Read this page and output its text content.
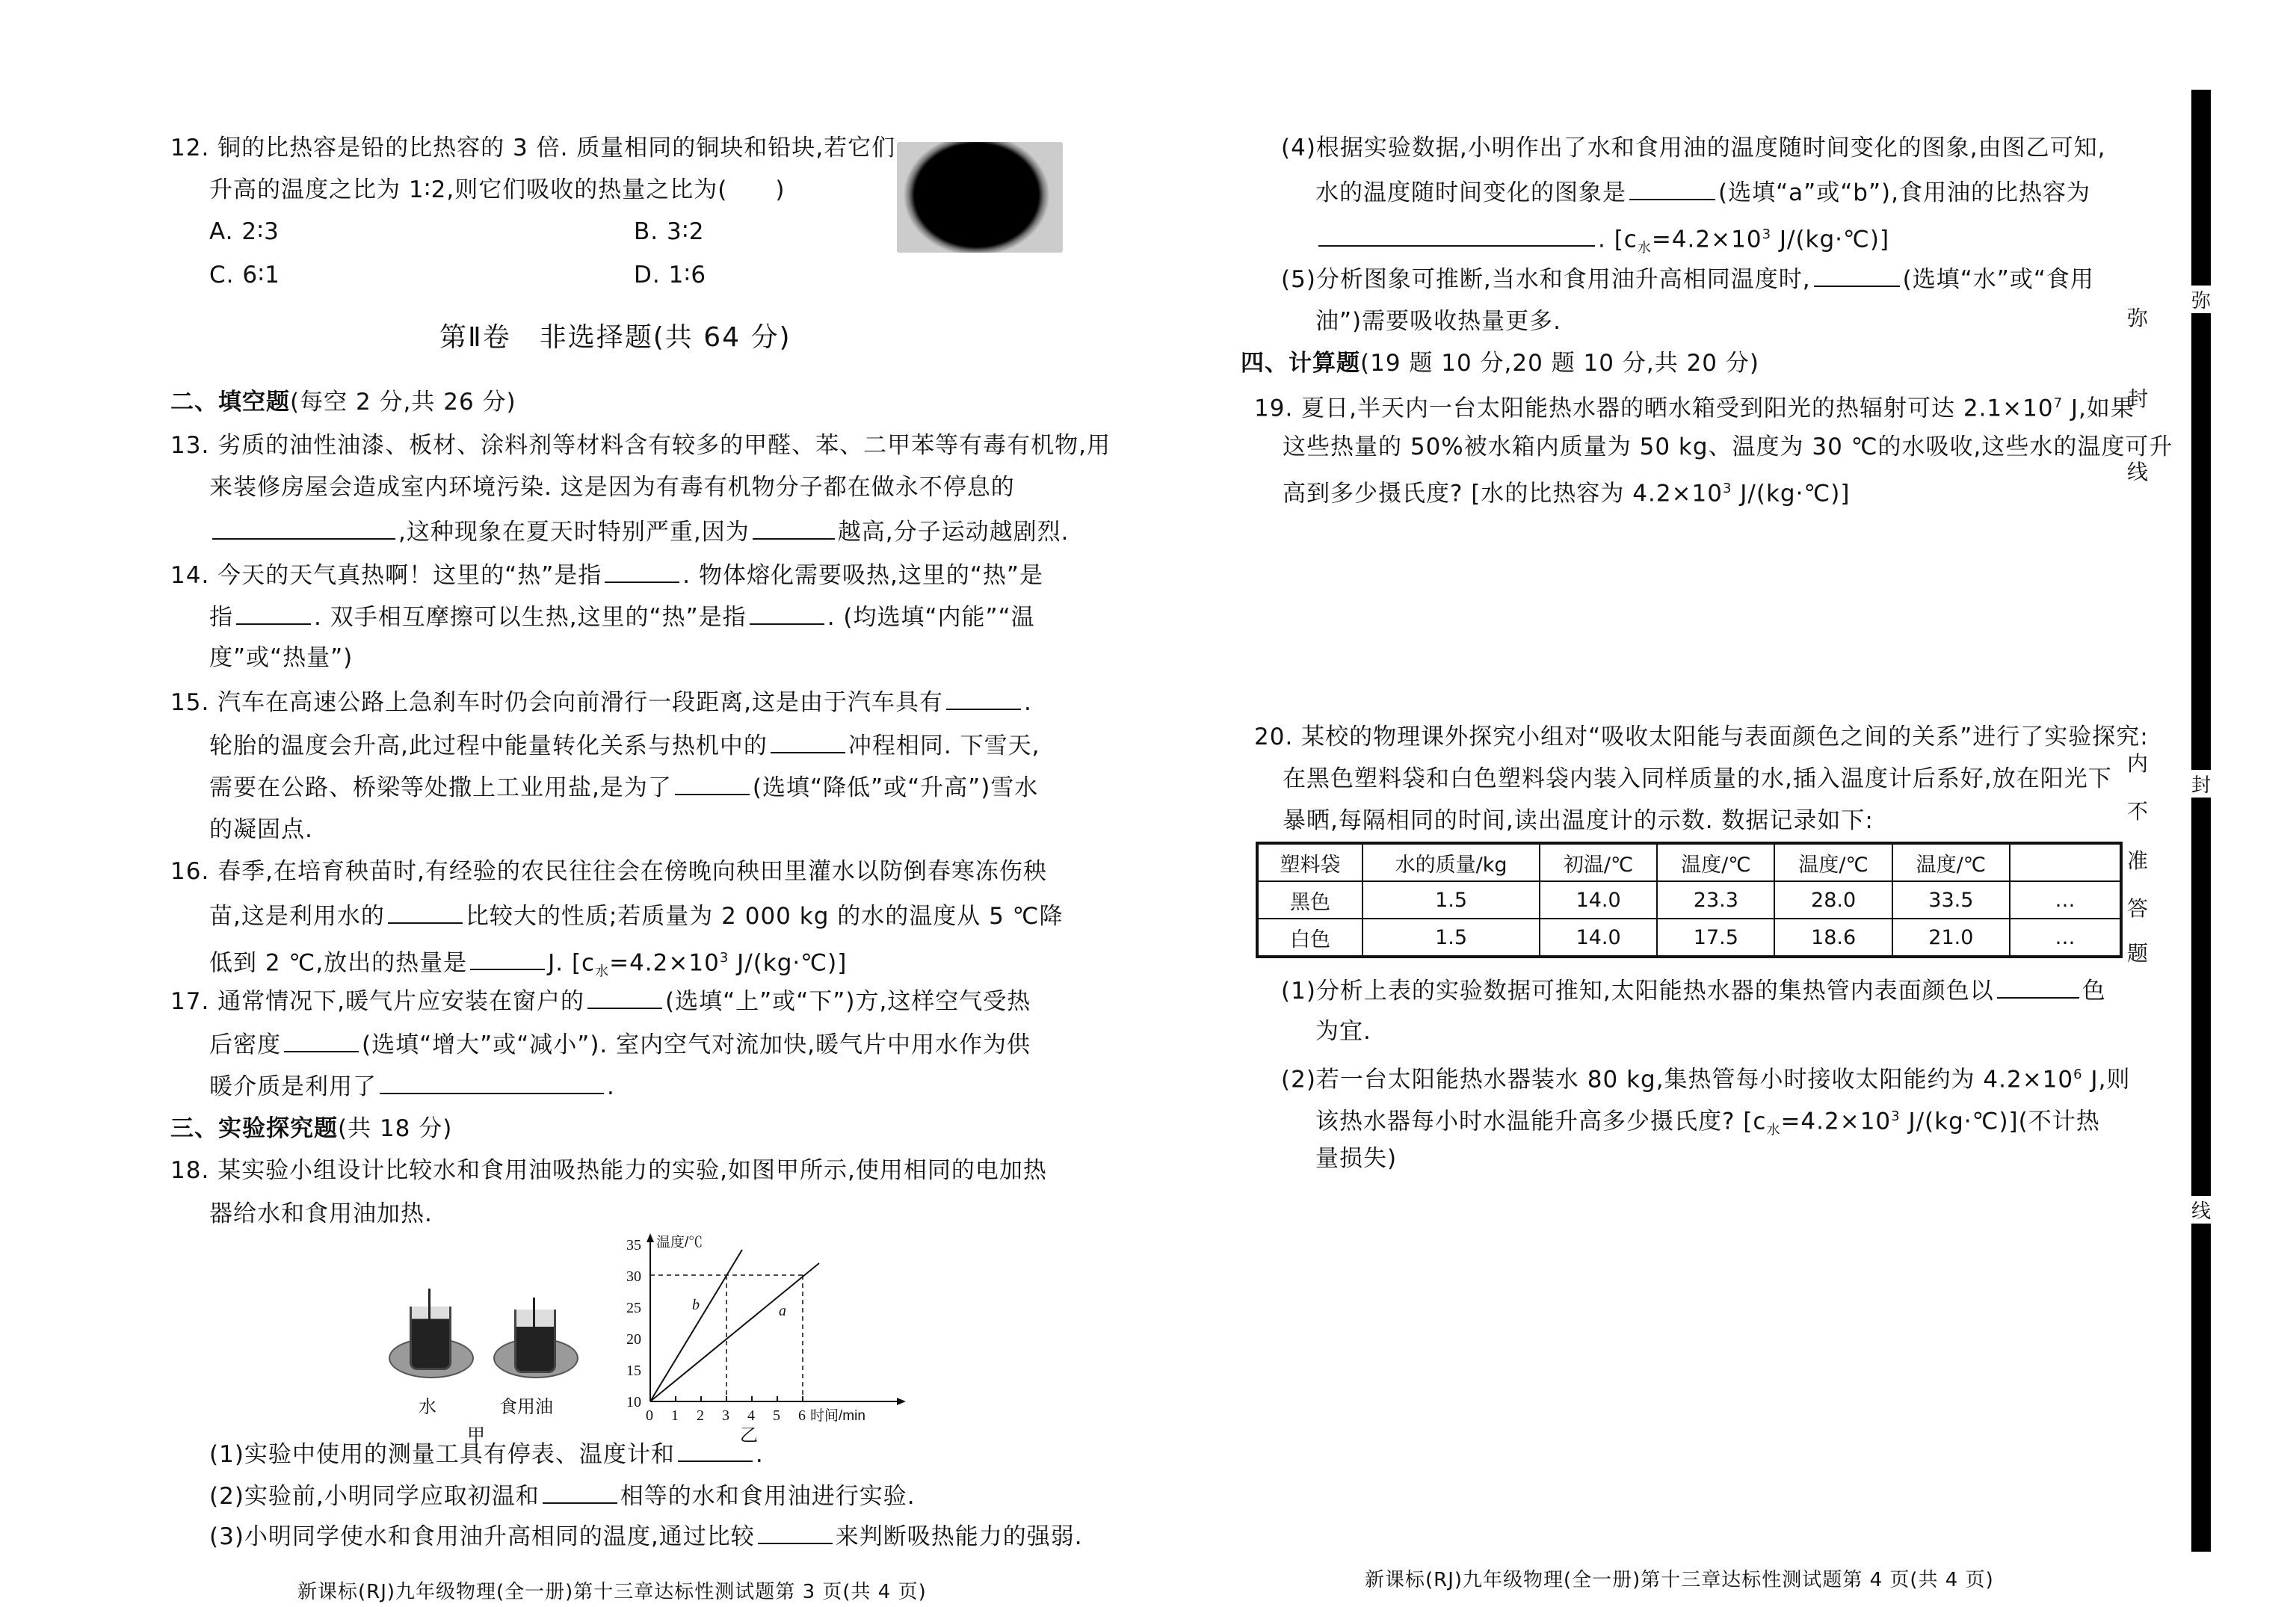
12. 铜的比热容是铅的比热容的 3 倍. 质量相同的铜块和铅块,若它们
升高的温度之比为 1∶2,则它们吸收的热量之比为(　　)
A. 2∶3	B. 3∶2
C. 6∶1	D. 1∶6
第Ⅱ卷　非选择题(共 64 分)
二、填空题(每空 2 分,共 26 分)
13. 劣质的油性油漆、板材、涂料剂等材料含有较多的甲醛、苯、二甲苯等有毒有机物,用
来装修房屋会造成室内环境污染. 这是因为有毒有机物分子都在做永不停息的
,这种现象在夏天时特别严重,因为	越高,分子运动越剧烈.
14. 今天的天气真热啊！这里的“热”是指	. 物体熔化需要吸热,这里的“热”是
指	. 双手相互摩擦可以生热,这里的“热”是指	. (均选填“内能”“温
度”或“热量”)
15. 汽车在高速公路上急刹车时仍会向前滑行一段距离,这是由于汽车具有	.
轮胎的温度会升高,此过程中能量转化关系与热机中的	冲程相同. 下雪天,
需要在公路、桥梁等处撒上工业用盐,是为了	(选填“降低”或“升高”)雪水
的凝固点.
16. 春季,在培育秧苗时,有经验的农民往往会在傍晚向秧田里灌水以防倒春寒冻伤秧
苗,这是利用水的	比较大的性质;若质量为 2 000 kg 的水的温度从 5 ℃降
低到 2 ℃,放出的热量是	J. [$c_水=4.2\times 10^3$ J/(kg·℃)]
17. 通常情况下,暖气片应安装在窗户的	(选填“上”或“下”)方,这样空气受热
后密度	(选填“增大”或“减小”). 室内空气对流加快,暖气片中用水作为供
暖介质是利用了	.
三、实验探究题(共 18 分)
18. 某实验小组设计比较水和食用油吸热能力的实验,如图甲所示,使用相同的电加热
器给水和食用油加热.
(1)实验中使用的测量工具有停表、温度计和	.
(2)实验前,小明同学应取初温和	相等的水和食用油进行实验.
(3)小明同学使水和食用油升高相同的温度,通过比较	来判断吸热能力的强弱.
新课标(RJ)九年级物理(全一册)第十三章达标性测试题第 3 页(共 4 页)
水	食用油
甲
10
15
20
25
30
35 温度/℃
0 1 2 3 4 5 6 时间/min
b	a
乙
(4)根据实验数据,小明作出了水和食用油的温度随时间变化的图象,由图乙可知,
水的温度随时间变化的图象是	(选填“a”或“b”),食用油的比热容为
. [$c_水=4.2\times 10^3$ J/(kg·℃)]
(5)分析图象可推断,当水和食用油升高相同温度时,	(选填“水”或“食用
油”)需要吸收热量更多.
四、计算题(19 题 10 分,20 题 10 分,共 20 分)
19. 夏日,半天内一台太阳能热水器的晒水箱受到阳光的热辐射可达 $2.1\times 10^7$ J,如果
这些热量的 50%被水箱内质量为 50 kg、温度为 30 ℃的水吸收,这些水的温度可升
高到多少摄氏度? [水的比热容为 $4.2\times 10^3$ J/(kg·℃)]
20. 某校的物理课外探究小组对“吸收太阳能与表面颜色之间的关系”进行了实验探究:
在黑色塑料袋和白色塑料袋内装入同样质量的水,插入温度计后系好,放在阳光下
暴晒,每隔相同的时间,读出温度计的示数. 数据记录如下:
(1)分析上表的实验数据可推知,太阳能热水器的集热管内表面颜色以	色
为宜.
(2)若一台太阳能热水器装水 80 kg,集热管每小时接收太阳能约为 $4.2\times 10^6$ J,则
该热水器每小时水温能升高多少摄氏度? [$c_水=4.2\times 10^3$ J/(kg·℃)](不计热
量损失)
新课标(RJ)九年级物理(全一册)第十三章达标性测试题第 4 页(共 4 页)
塑料袋	水的质量/kg	初温/℃	温度/℃	温度/℃	温度/℃	
黑色	1.5	14.0	23.3	28.0	33.5	…
白色	1.5	14.0	17.5	18.6	21.0	…
弥
封
线
弥
封
线
内
不
准
答
题
